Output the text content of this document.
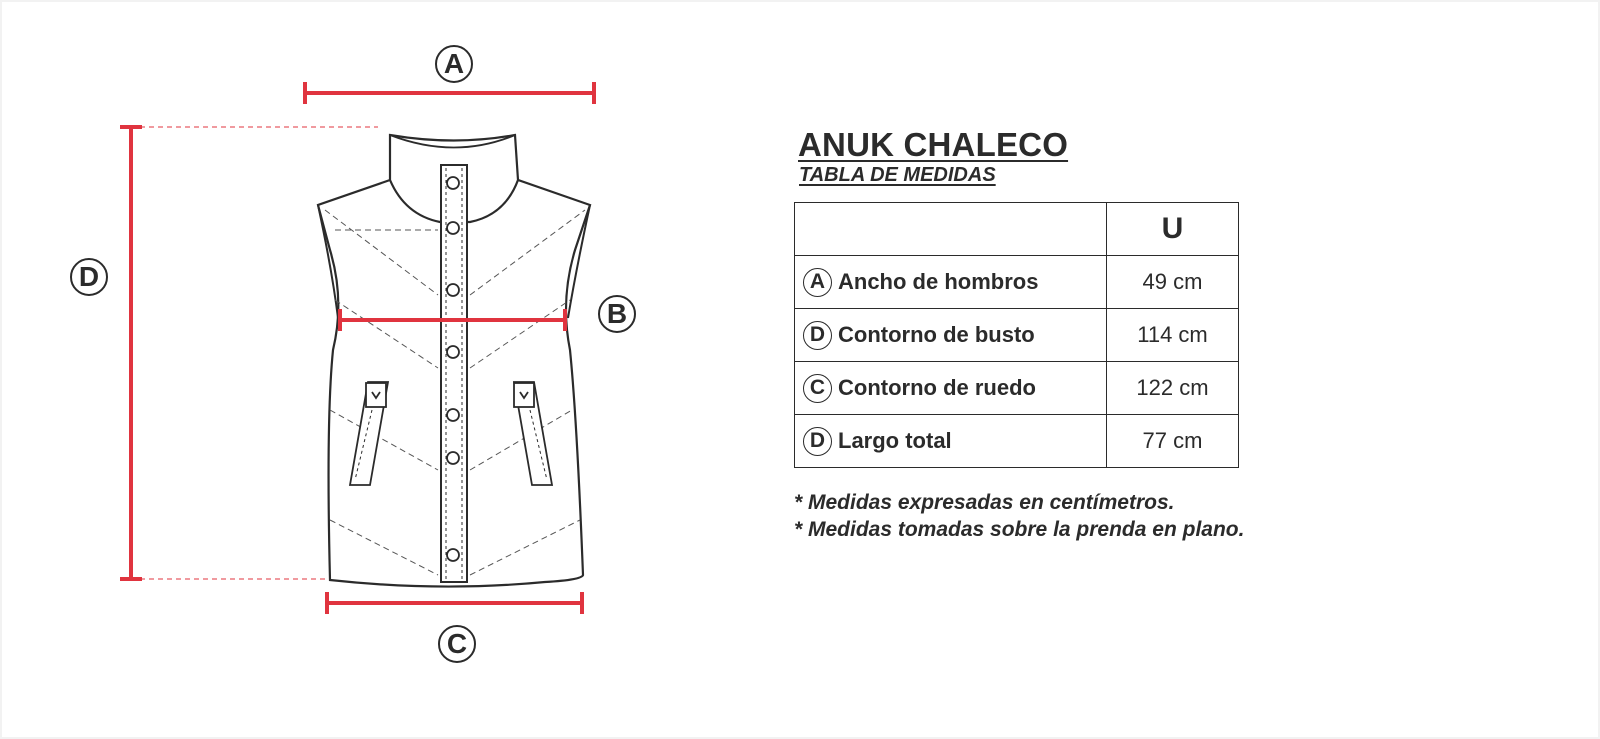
A
B
C
D
ANUK CHALECO
TABLA DE MEDIDAS
	U

A Ancho de hombros	49 cm

D Contorno de busto	114 cm

C Contorno de ruedo	122 cm

D Largo total	77 cm
* Medidas expresadas en centímetros.
* Medidas tomadas sobre la prenda en plano.
